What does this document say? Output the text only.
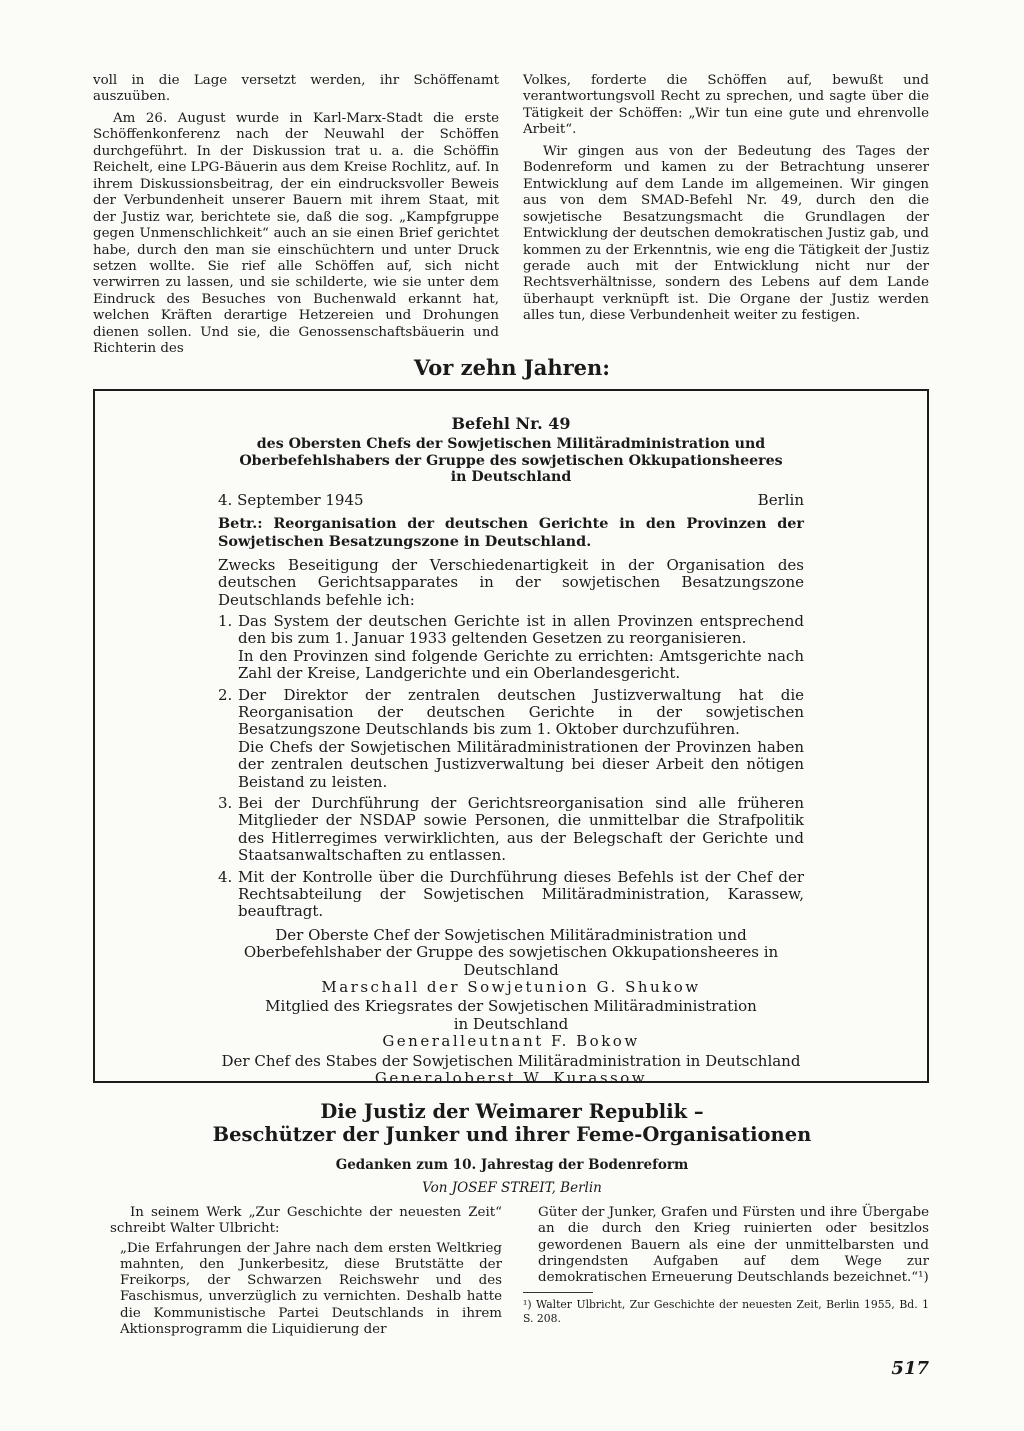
voll in die Lage versetzt werden, ihr Schöffenamt auszuüben.

Am 26. August wurde in Karl-Marx-Stadt die erste Schöffenkonferenz nach der Neuwahl der Schöffen durchgeführt. In der Diskussion trat u. a. die Schöffin Reichelt, eine LPG-Bäuerin aus dem Kreise Rochlitz, auf. In ihrem Diskussionsbeitrag, der ein eindrucksvoller Beweis der Verbundenheit unserer Bauern mit ihrem Staat, mit der Justiz war, berichtete sie, daß die sog. „Kampfgruppe gegen Unmenschlichkeit“ auch an sie einen Brief gerichtet habe, durch den man sie einschüchtern und unter Druck setzen wollte. Sie rief alle Schöffen auf, sich nicht verwirren zu lassen, und sie schilderte, wie sie unter dem Eindruck des Besuches von Buchenwald erkannt hat, welchen Kräften derartige Hetzereien und Drohungen dienen sollen. Und sie, die Genossenschaftsbäuerin und Richterin des

Volkes, forderte die Schöffen auf, bewußt und verantwortungsvoll Recht zu sprechen, und sagte über die Tätigkeit der Schöffen: „Wir tun eine gute und ehrenvolle Arbeit“.

Wir gingen aus von der Bedeutung des Tages der Bodenreform und kamen zu der Betrachtung unserer Entwicklung auf dem Lande im allgemeinen. Wir gingen aus von dem SMAD-Befehl Nr. 49, durch den die sowjetische Besatzungsmacht die Grundlagen der Entwicklung der deutschen demokratischen Justiz gab, und kommen zu der Erkenntnis, wie eng die Tätigkeit der Justiz gerade auch mit der Entwicklung nicht nur der Rechtsverhältnisse, sondern des Lebens auf dem Lande überhaupt verknüpft ist. Die Organe der Justiz werden alles tun, diese Verbundenheit weiter zu festigen.

Vor zehn Jahren:
Befehl Nr. 49
des Obersten Chefs der Sowjetischen Militäradministration und
Oberbefehlshabers der Gruppe des sowjetischen Okkupationsheeres
in Deutschland
4. September 1945	Berlin
Betr.: Reorganisation der deutschen Gerichte in den Provinzen der Sowjetischen Besatzungszone in Deutschland.
Zwecks Beseitigung der Verschiedenartigkeit in der Organisation des deutschen Gerichtsapparates in der sowjetischen Besatzungszone Deutschlands befehle ich:
1. Das System der deutschen Gerichte ist in allen Provinzen entsprechend den bis zum 1. Januar 1933 geltenden Gesetzen zu reorganisieren.
In den Provinzen sind folgende Gerichte zu errichten: Amtsgerichte nach Zahl der Kreise, Landgerichte und ein Oberlandesgericht.
2. Der Direktor der zentralen deutschen Justizverwaltung hat die Reorganisation der deutschen Gerichte in der sowjetischen Besatzungszone Deutschlands bis zum 1. Oktober durchzuführen.
Die Chefs der Sowjetischen Militäradministrationen der Provinzen haben der zentralen deutschen Justizverwaltung bei dieser Arbeit den nötigen Beistand zu leisten.
3. Bei der Durchführung der Gerichtsreorganisation sind alle früheren Mitglieder der NSDAP sowie Personen, die unmittelbar die Strafpolitik des Hitlerregimes verwirklichten, aus der Belegschaft der Gerichte und Staatsanwaltschaften zu entlassen.
4. Mit der Kontrolle über die Durchführung dieses Befehls ist der Chef der Rechtsabteilung der Sowjetischen Militäradministration, Karassew, beauftragt.
Der Oberste Chef der Sowjetischen Militäradministration und Oberbefehlshaber der Gruppe des sowjetischen Okkupationsheeres in Deutschland
Marschall der Sowjetunion G. Shukow
Mitglied des Kriegsrates der Sowjetischen Militäradministration
in Deutschland
Generalleutnant F. Bokow
Der Chef des Stabes der Sowjetischen Militäradministration in Deutschland
Generaloberst W. Kurassow
Die Justiz der Weimarer Republik –
Beschützer der Junker und ihrer Feme-Organisationen
Gedanken zum 10. Jahrestag der Bodenreform
Von JOSEF STREIT, Berlin

In seinem Werk „Zur Geschichte der neuesten Zeit“ schreibt Walter Ulbricht:

„Die Erfahrungen der Jahre nach dem ersten Weltkrieg mahnten, den Junkerbesitz, diese Brutstätte der Freikorps, der Schwarzen Reichswehr und des Faschismus, unverzüglich zu vernichten. Deshalb hatte die Kommunistische Partei Deutschlands in ihrem Aktionsprogramm die Liquidierung der

Güter der Junker, Grafen und Fürsten und ihre Übergabe an die durch den Krieg ruinierten oder besitzlos gewordenen Bauern als eine der unmittelbarsten und dringendsten Aufgaben auf dem Wege zur demokratischen Erneuerung Deutschlands bezeichnet.“¹)

¹) Walter Ulbricht, Zur Geschichte der neuesten Zeit, Berlin 1955, Bd. 1 S. 208.

517
